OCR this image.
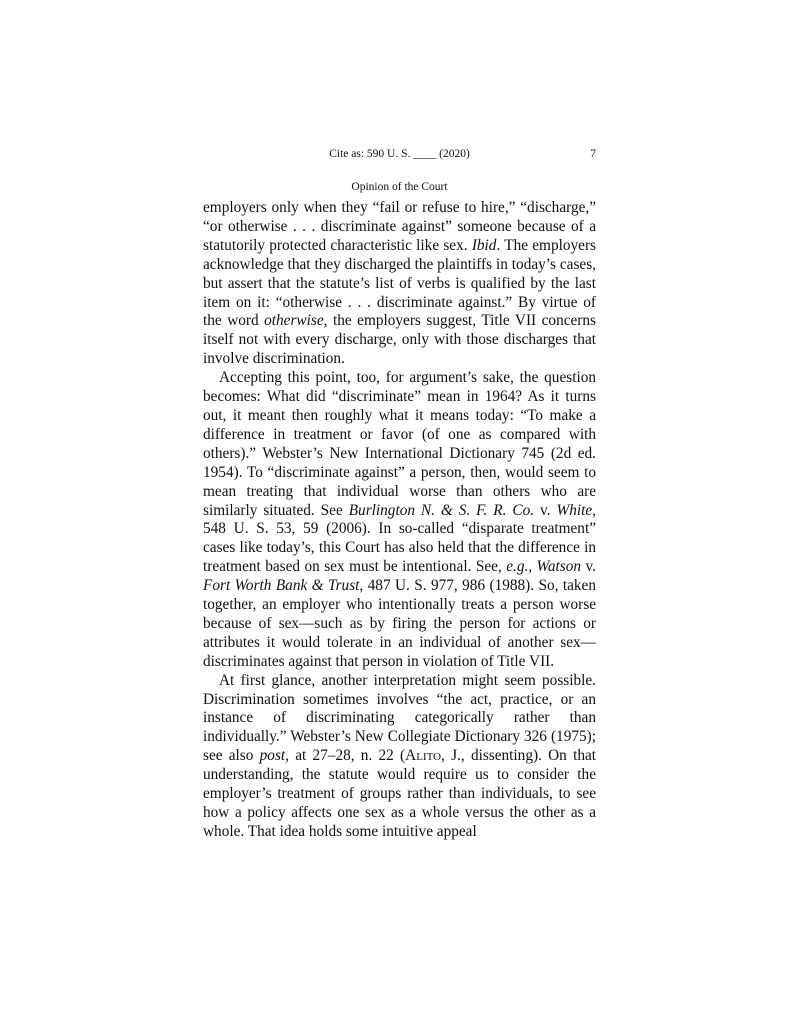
Cite as: 590 U. S. ____ (2020)	7
Opinion of the Court

employers only when they “fail or refuse to hire,” “discharge,” “or otherwise . . . discriminate against” someone because of a statutorily protected characteristic like sex. Ibid. The employers acknowledge that they discharged the plaintiffs in today’s cases, but assert that the statute’s list of verbs is qualified by the last item on it: “otherwise . . . discriminate against.” By virtue of the word otherwise, the employers suggest, Title VII concerns itself not with every discharge, only with those discharges that involve discrimination.

Accepting this point, too, for argument’s sake, the question becomes: What did “discriminate” mean in 1964? As it turns out, it meant then roughly what it means today: “To make a difference in treatment or favor (of one as compared with others).” Webster’s New International Dictionary 745 (2d ed. 1954). To “discriminate against” a person, then, would seem to mean treating that individual worse than others who are similarly situated. See Burlington N. & S. F. R. Co. v. White, 548 U. S. 53, 59 (2006). In so-called “disparate treatment” cases like today’s, this Court has also held that the difference in treatment based on sex must be intentional. See, e.g., Watson v. Fort Worth Bank & Trust, 487 U. S. 977, 986 (1988). So, taken together, an employer who intentionally treats a person worse because of sex—such as by firing the person for actions or attributes it would tolerate in an individual of another sex—discriminates against that person in violation of Title VII.

At first glance, another interpretation might seem possible. Discrimination sometimes involves “the act, practice, or an instance of discriminating categorically rather than individually.” Webster’s New Collegiate Dictionary 326 (1975); see also post, at 27–28, n. 22 (Alito, J., dissenting). On that understanding, the statute would require us to consider the employer’s treatment of groups rather than individuals, to see how a policy affects one sex as a whole versus the other as a whole. That idea holds some intuitive appeal
